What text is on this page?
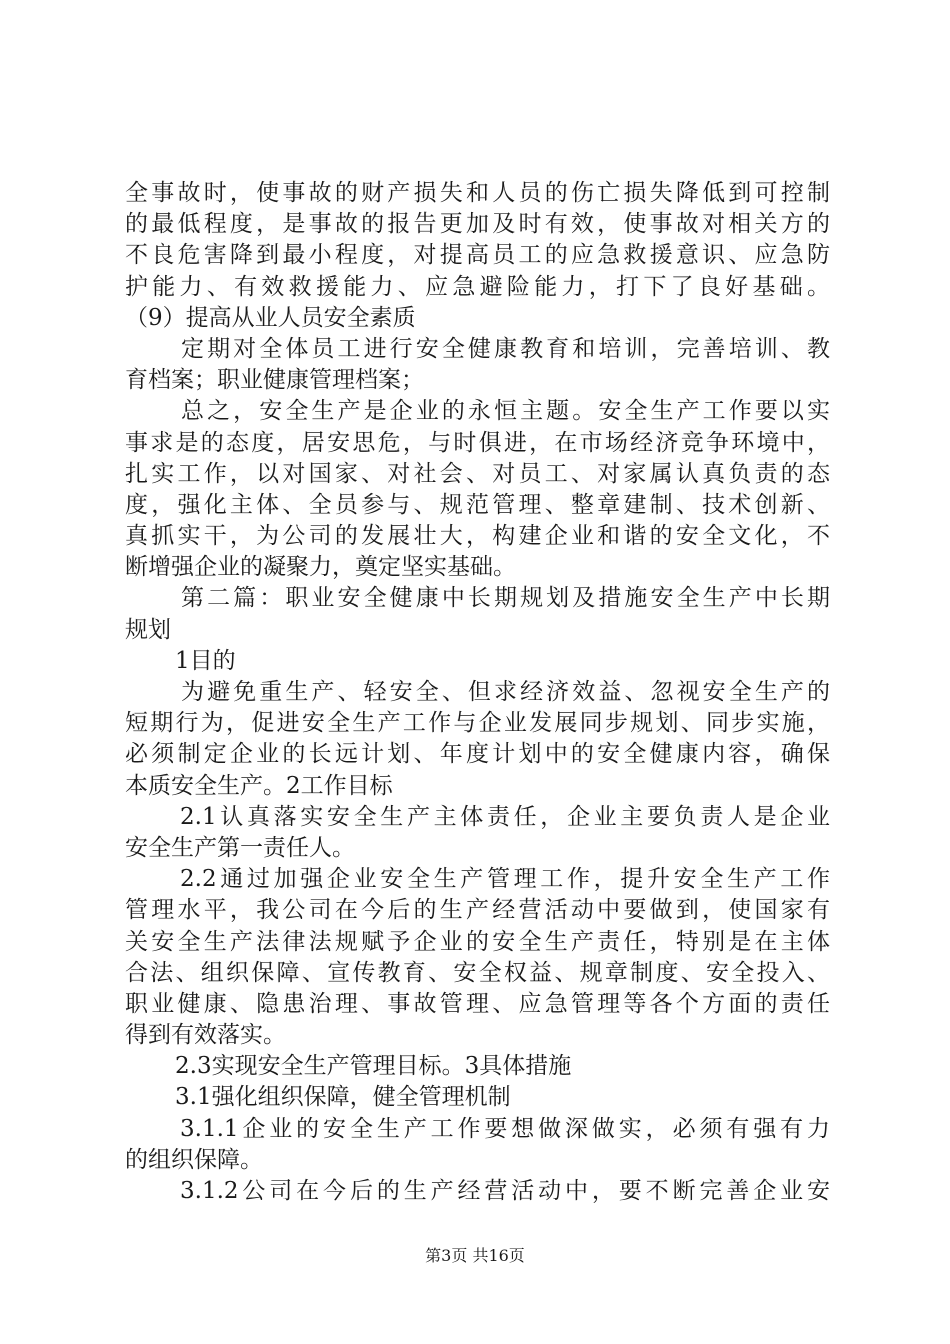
全事故时，使事故的财产损失和人员的伤亡损失降低到可控制
的最低程度，是事故的报告更加及时有效，使事故对相关方的
不良危害降到最小程度，对提高员工的应急救援意识、应急防
护能力、有效救援能力、应急避险能力，打下了良好基础。
（9）提高从业人员安全素质
定期对全体员工进行安全健康教育和培训，完善培训、教
育档案；职业健康管理档案；
总之，安全生产是企业的永恒主题。安全生产工作要以实
事求是的态度，居安思危，与时俱进，在市场经济竞争环境中，
扎实工作，以对国家、对社会、对员工、对家属认真负责的态
度，强化主体、全员参与、规范管理、整章建制、技术创新、
真抓实干，为公司的发展壮大，构建企业和谐的安全文化，不
断增强企业的凝聚力，奠定坚实基础。
第二篇：职业安全健康中长期规划及措施安全生产中长期
规划
1目的
为避免重生产、轻安全、但求经济效益、忽视安全生产的
短期行为，促进安全生产工作与企业发展同步规划、同步实施，
必须制定企业的长远计划、年度计划中的安全健康内容，确保
本质安全生产。2工作目标
2.1认真落实安全生产主体责任，企业主要负责人是企业
安全生产第一责任人。
2.2通过加强企业安全生产管理工作，提升安全生产工作
管理水平，我公司在今后的生产经营活动中要做到，使国家有
关安全生产法律法规赋予企业的安全生产责任，特别是在主体
合法、组织保障、宣传教育、安全权益、规章制度、安全投入、
职业健康、隐患治理、事故管理、应急管理等各个方面的责任
得到有效落实。
2.3实现安全生产管理目标。3具体措施
3.1强化组织保障，健全管理机制
3.1.1企业的安全生产工作要想做深做实，必须有强有力
的组织保障。
3.1.2公司在今后的生产经营活动中，要不断完善企业安
第3页 共16页
